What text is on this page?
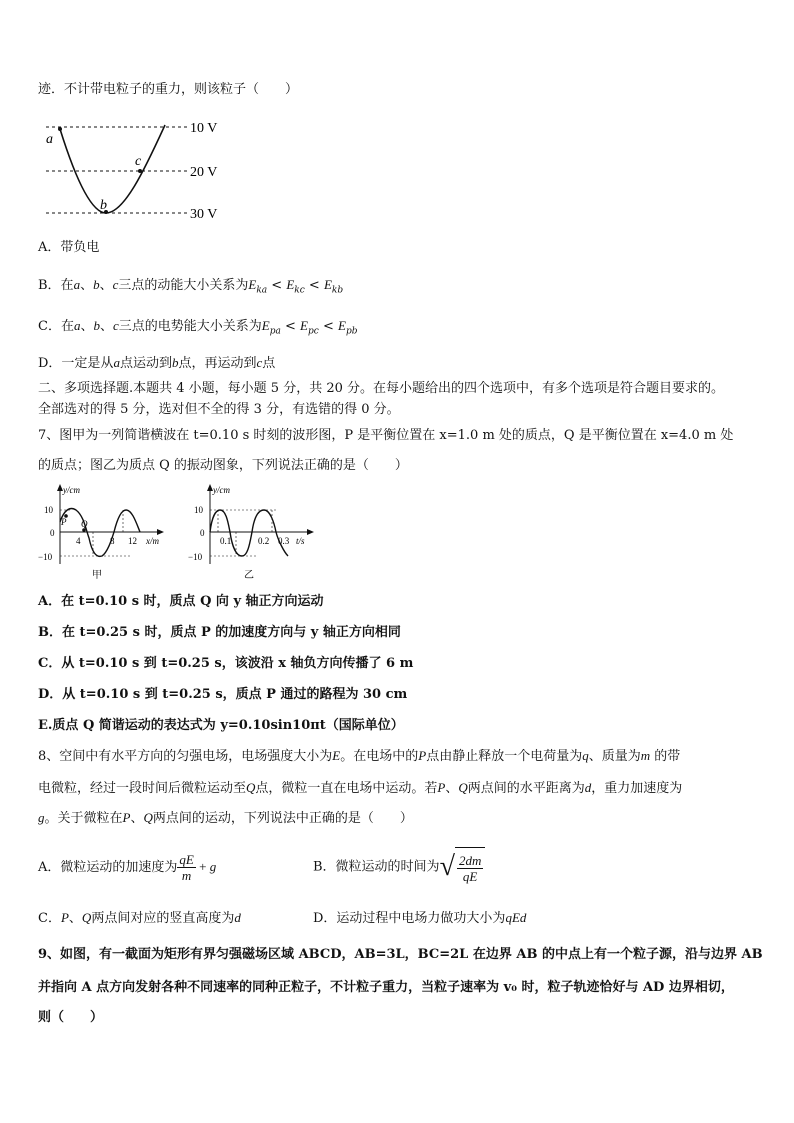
迹．不计带电粒子的重力，则该粒子（　　）
a
b
c
10 V
20 V
30 V
A．带负电
B．在a、b、c三点的动能大小关系为$E_{ka} < E_{kc} < E_{kb}$
C．在a、b、c三点的电势能大小关系为$E_{pa} < E_{pc} < E_{pb}$
D．一定是从a点运动到b点，再运动到c点
二、多项选择题.本题共 4 小题，每小题 5 分，共 20 分。在每小题给出的四个选项中，有多个选项是符合题目要求的。
全部选对的得 5 分，选对但不全的得 3 分，有选错的得 0 分。
7、图甲为一列简谐横波在 t=0.10 s 时刻的波形图，P 是平衡位置在 x=1.0 m 处的质点，Q 是平衡位置在 x=4.0 m 处
的质点；图乙为质点 Q 的振动图象，下列说法正确的是（　　）
y/cm
10
0
−10
4	8 12 x/m
P Q
甲
y/cm
10
0
−10
0.1	0.2 0.3 t/s
乙
A．在 t=0.10 s 时，质点 Q 向 y 轴正方向运动
B．在 t=0.25 s 时，质点 P 的加速度方向与 y 轴正方向相同
C．从 t=0.10 s 到 t=0.25 s，该波沿 x 轴负方向传播了 6 m
D．从 t=0.10 s 到 t=0.25 s，质点 P 通过的路程为 30 cm
E.质点 Q 简谐运动的表达式为 y=0.10sin10πt（国际单位）
8、空间中有水平方向的匀强电场，电场强度大小为E。在电场中的P点由静止释放一个电荷量为q、质量为m 的带
电微粒，经过一段时间后微粒运动至Q点，微粒一直在电场中运动。若P、Q两点间的水平距离为d，重力加速度为
g。关于微粒在P、Q两点间的运动，下列说法中正确的是（　　）
A．微粒运动的加速度为 $\frac{qE}{m} + g$	B．微粒运动的时间为√ $\frac{2dm}{qE}$
C．P、Q两点间对应的竖直高度为d	D．运动过程中电场力做功大小为qEd
9、如图，有一截面为矩形有界匀强磁场区域 ABCD，AB=3L，BC=2L 在边界 AB 的中点上有一个粒子源，沿与边界 AB
并指向 A 点方向发射各种不同速率的同种正粒子，不计粒子重力，当粒子速率为 v₀ 时，粒子轨迹恰好与 AD 边界相切，
则（　　）
